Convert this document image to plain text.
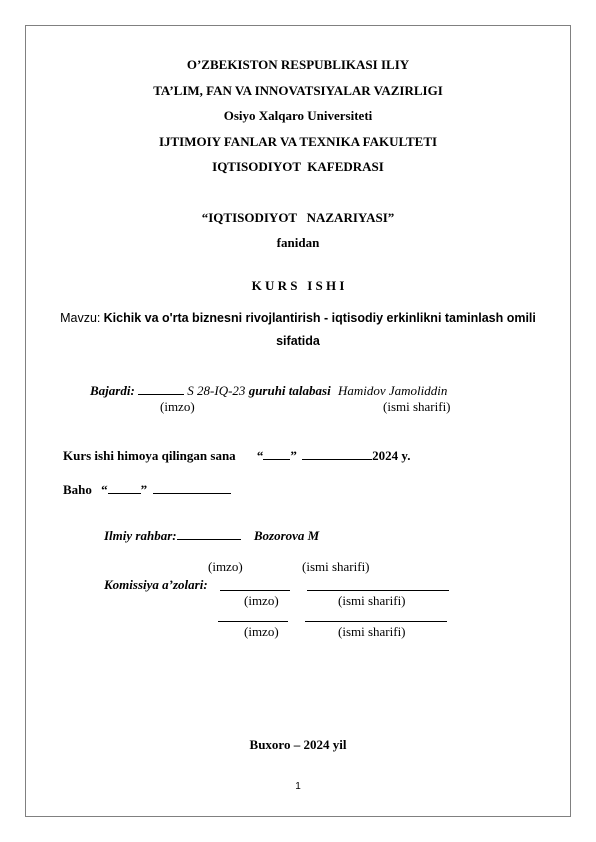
O’ZBEKISTON RESPUBLIKASI ILIY
TA’LIM, FAN VA INNOVATSIYALAR VAZIRLIGI
Osiyo Xalqaro Universiteti
IJTIMOIY FANLAR VA TEXNIKA FAKULTETI
IQTISODIYOT  KAFEDRASI
“IQTISODIYOT   NAZARIYASI”
fanidan
K U R S   I S H I
Mavzu: Kichik va o'rta biznesni rivojlantirish - iqtisodiy erkinlikni taminlash omili
sifatida
Bajardi:	S 28-IQ-23 guruhi talabasi Hamidov Jamoliddin
(imzo)	(ismi sharifi)
Kurs ishi himoya qilingan sana “ ”	2024 y.
Baho “	”
Ilmiy rahbar:	Bozorova M
(imzo)	(ismi sharifi)
Komissiya a’zolari:
(imzo)	(ismi sharifi)
(imzo)	(ismi sharifi)
Buxoro – 2024 yil
1
